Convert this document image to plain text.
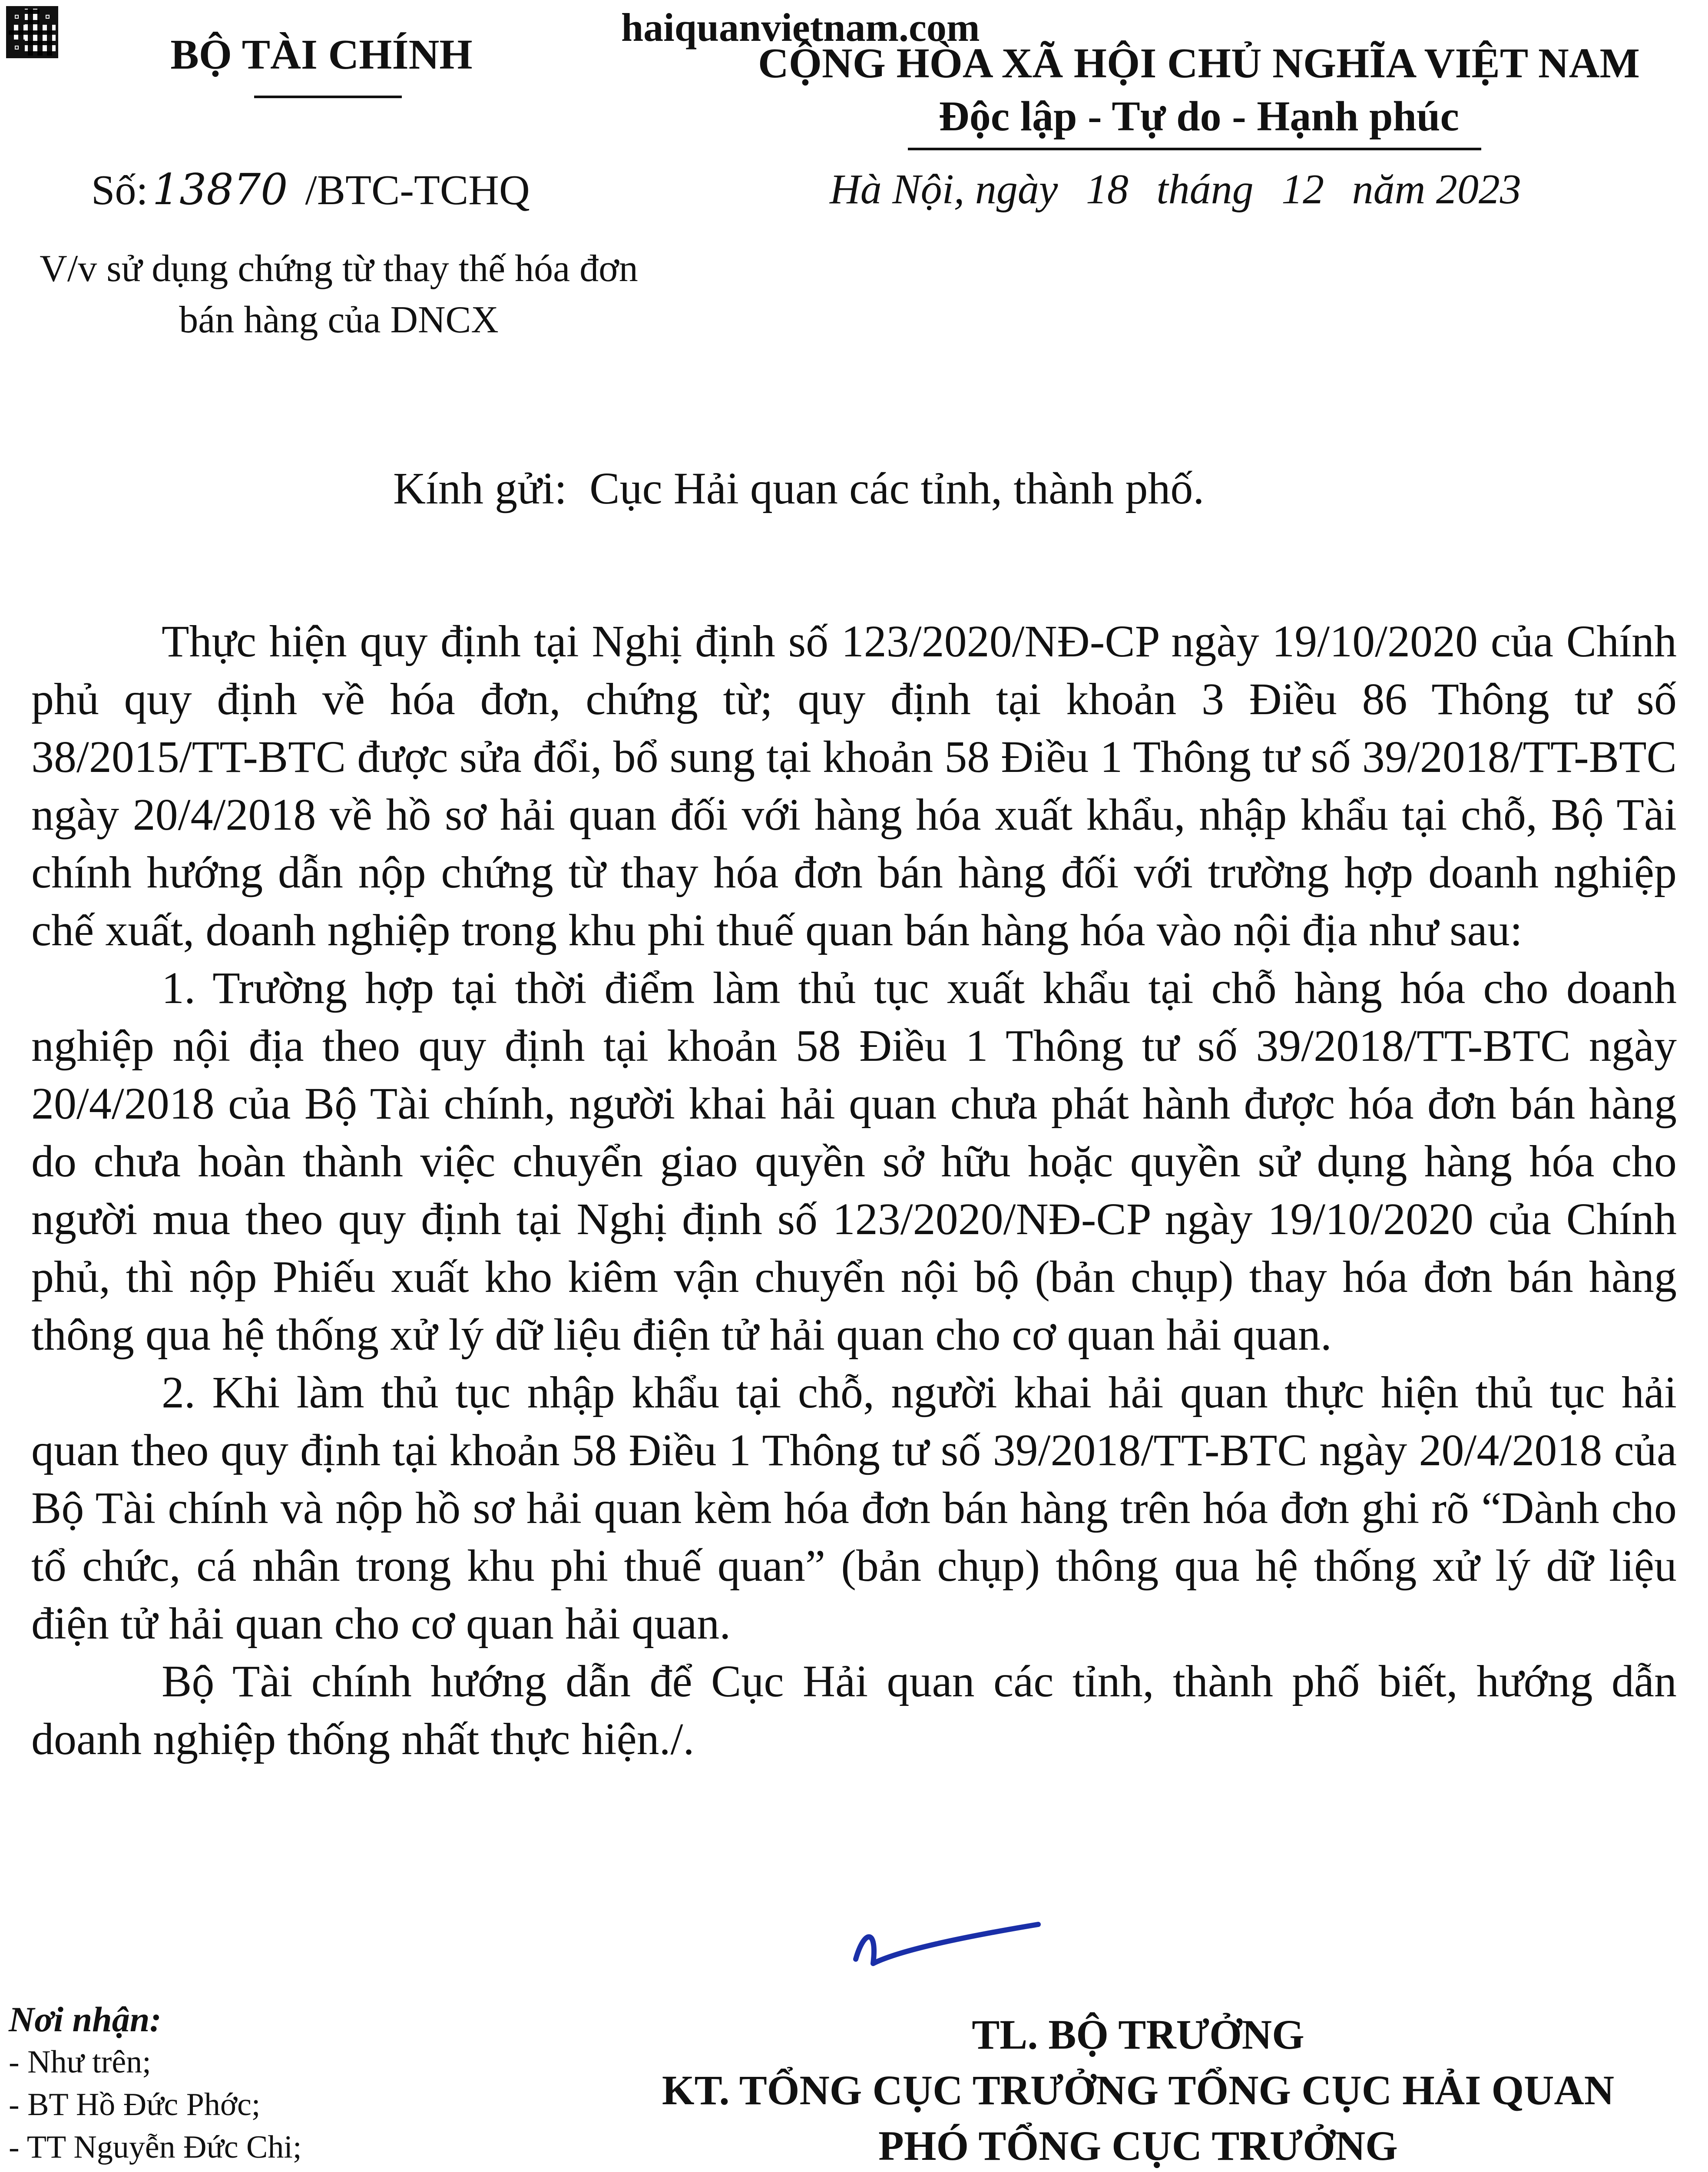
BỘ TÀI CHÍNH
haiquanvietnam.com
CỘNG HÒA XÃ HỘI CHỦ NGHĨA VIỆT NAM
Độc lập - Tự do - Hạnh phúc
Số: 13870 /BTC-TCHQ	Hà Nội, ngày 18 tháng 12 năm 2023
V/v sử dụng chứng từ thay thế hóa đơn
bán hàng của DNCX
Kính gửi:  Cục Hải quan các tỉnh, thành phố.

Thực hiện quy định tại Nghị định số 123/2020/NĐ-CP ngày 19/10/2020 của Chính phủ quy định về hóa đơn, chứng từ; quy định tại khoản 3 Điều 86 Thông tư số 38/2015/TT-BTC được sửa đổi, bổ sung tại khoản 58 Điều 1 Thông tư số 39/2018/TT-BTC ngày 20/4/2018 về hồ sơ hải quan đối với hàng hóa xuất khẩu, nhập khẩu tại chỗ, Bộ Tài chính hướng dẫn nộp chứng từ thay hóa đơn bán hàng đối với trường hợp doanh nghiệp chế xuất, doanh nghiệp trong khu phi thuế quan bán hàng hóa vào nội địa như sau:

1. Trường hợp tại thời điểm làm thủ tục xuất khẩu tại chỗ hàng hóa cho doanh nghiệp nội địa theo quy định tại khoản 58 Điều 1 Thông tư số 39/2018/TT-BTC ngày 20/4/2018 của Bộ Tài chính, người khai hải quan chưa phát hành được hóa đơn bán hàng do chưa hoàn thành việc chuyển giao quyền sở hữu hoặc quyền sử dụng hàng hóa cho người mua theo quy định tại Nghị định số 123/2020/NĐ-CP ngày 19/10/2020 của Chính phủ, thì nộp Phiếu xuất kho kiêm vận chuyển nội bộ (bản chụp) thay hóa đơn bán hàng thông qua hệ thống xử lý dữ liệu điện tử hải quan cho cơ quan hải quan.

2. Khi làm thủ tục nhập khẩu tại chỗ, người khai hải quan thực hiện thủ tục hải quan theo quy định tại khoản 58 Điều 1 Thông tư số 39/2018/TT-BTC ngày 20/4/2018 của Bộ Tài chính và nộp hồ sơ hải quan kèm hóa đơn bán hàng trên hóa đơn ghi rõ “Dành cho tổ chức, cá nhân trong khu phi thuế quan” (bản chụp) thông qua hệ thống xử lý dữ liệu điện tử hải quan cho cơ quan hải quan.

Bộ Tài chính hướng dẫn để Cục Hải quan các tỉnh, thành phố biết, hướng dẫn doanh nghiệp thống nhất thực hiện./.

Nơi nhận:
- Như trên;
- BT Hồ Đức Phớc;
- TT Nguyễn Đức Chi;
TL. BỘ TRƯỞNG
KT. TỔNG CỤC TRƯỞNG TỔNG CỤC HẢI QUAN
PHÓ TỔNG CỤC TRƯỞNG
